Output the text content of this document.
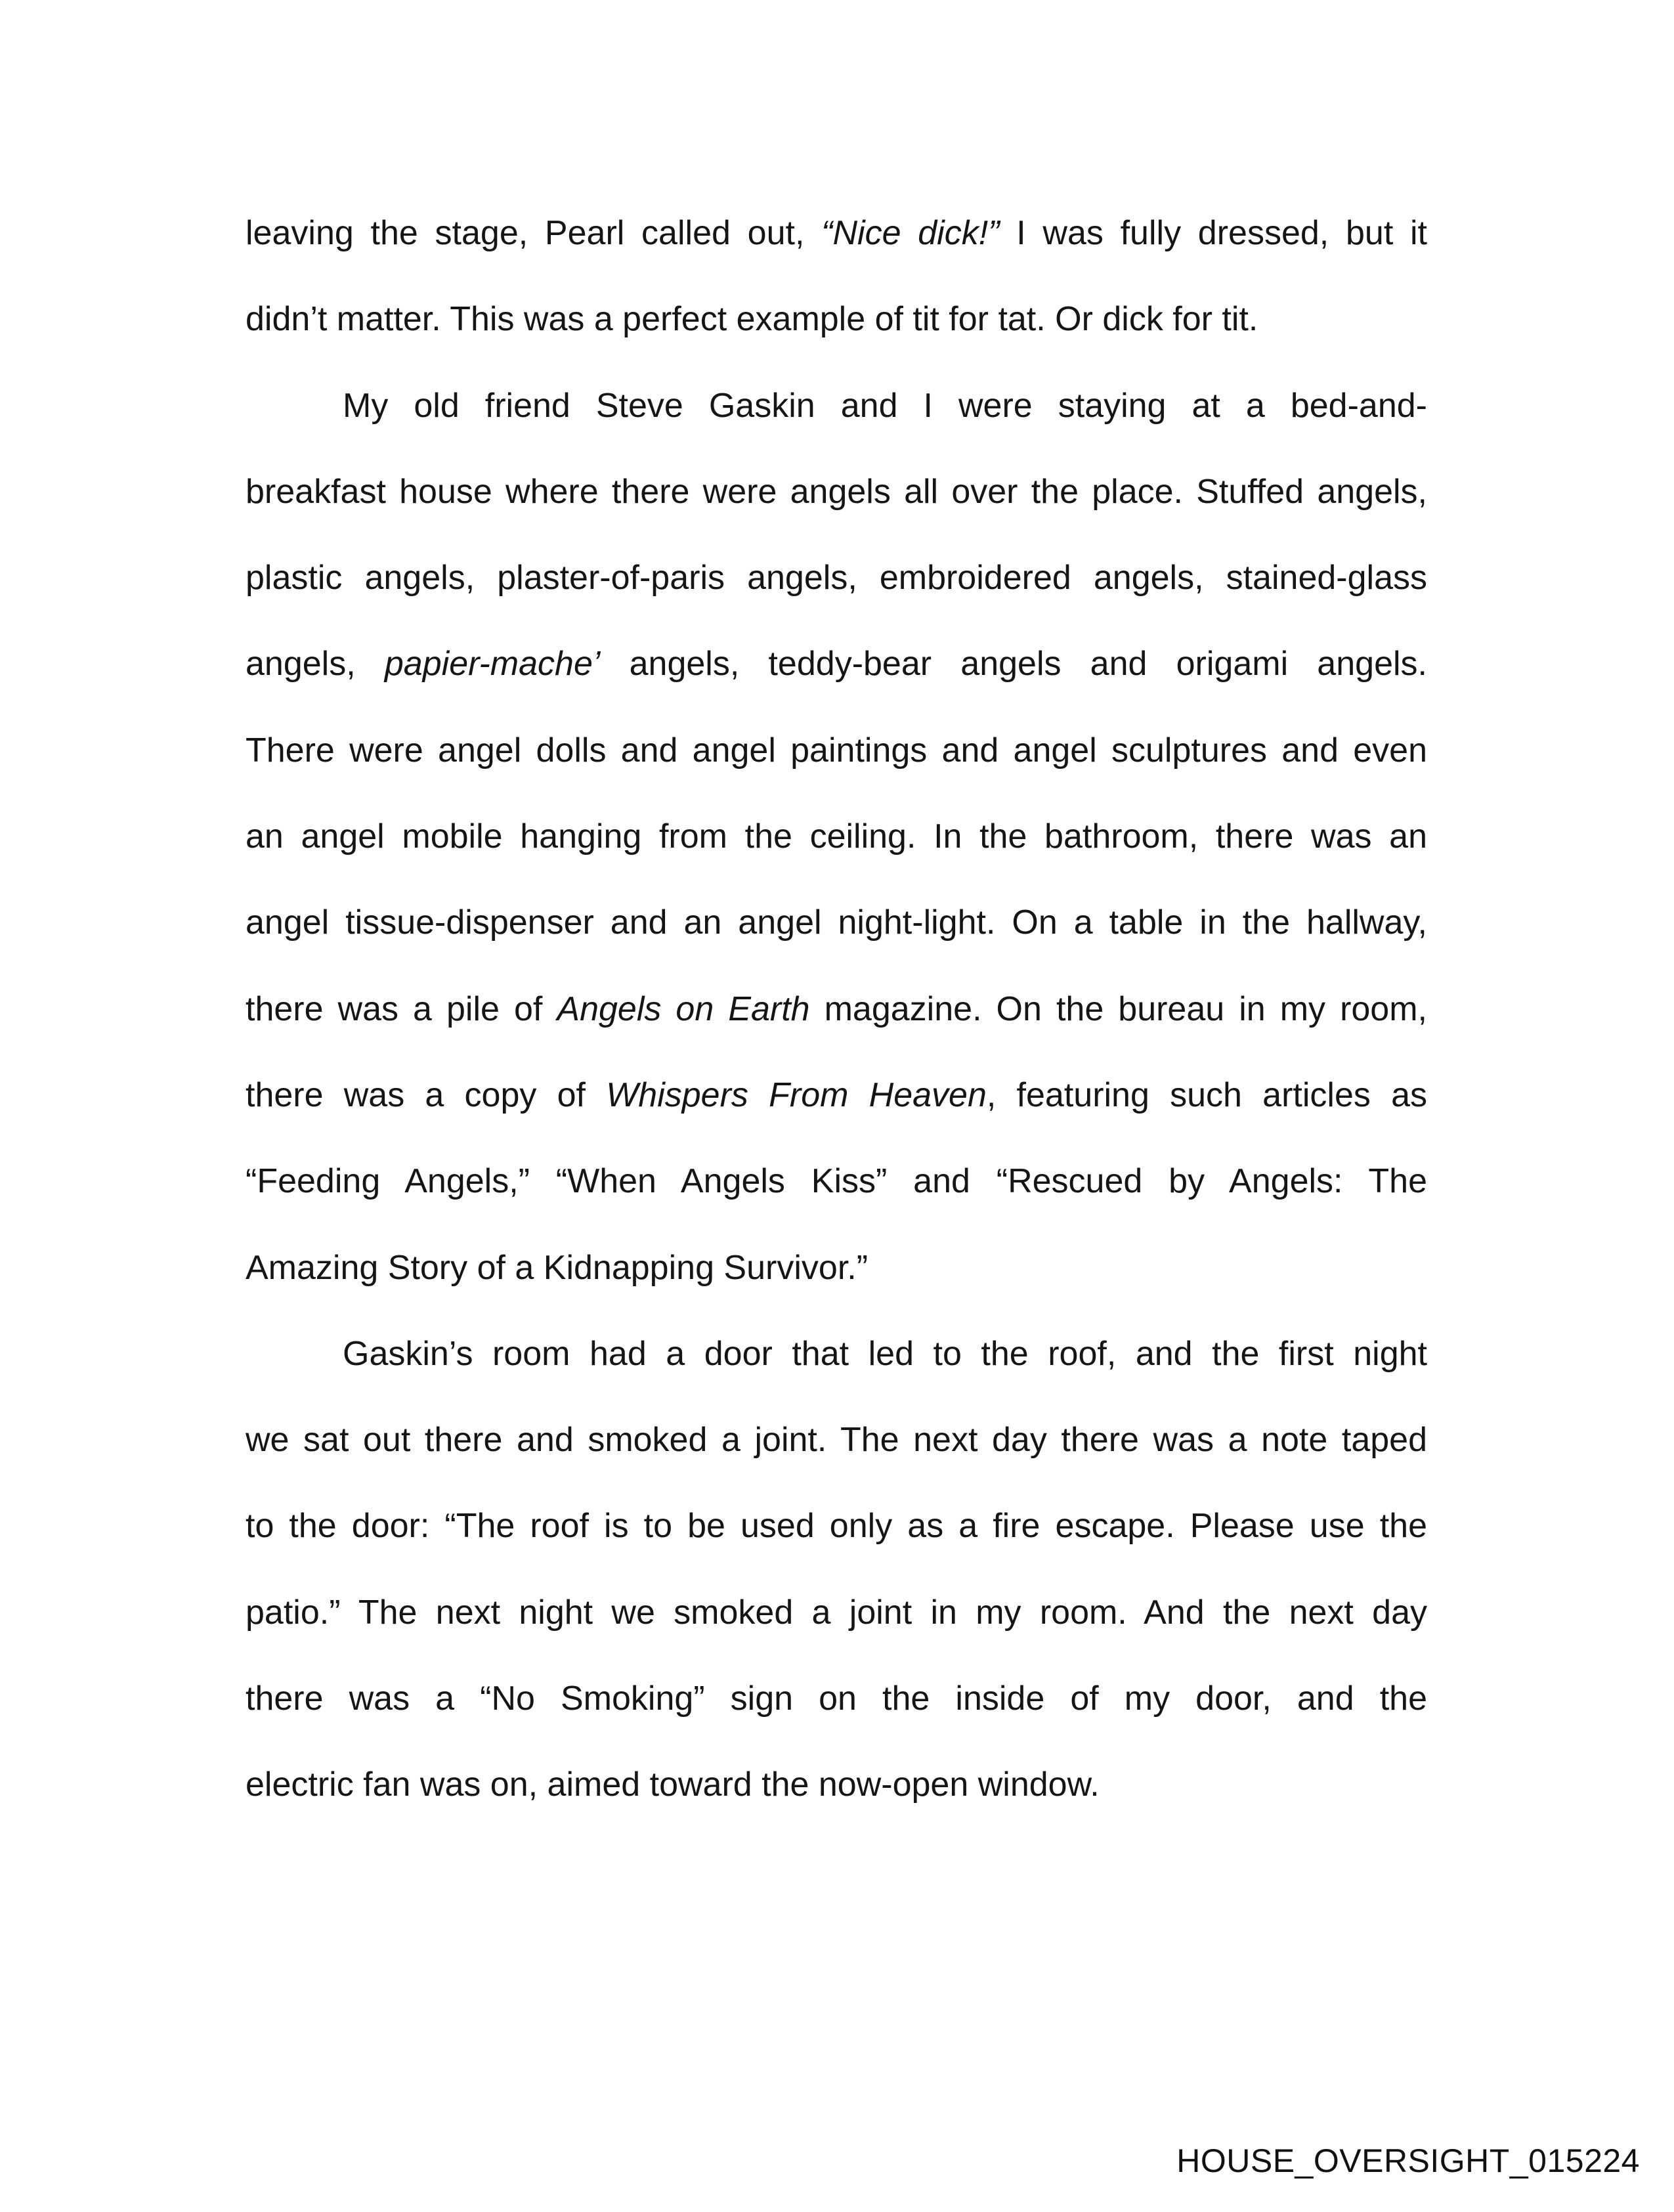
leaving the stage, Pearl called out, “Nice dick!” I was fully dressed, but it
didn’t matter. This was a perfect example of tit for tat. Or dick for tit.
My old friend Steve Gaskin and I were staying at a bed-and-
breakfast house where there were angels all over the place. Stuffed angels,
plastic angels, plaster-of-paris angels, embroidered angels, stained-glass
angels, papier-mache’ angels, teddy-bear angels and origami angels.
There were angel dolls and angel paintings and angel sculptures and even
an angel mobile hanging from the ceiling. In the bathroom, there was an
angel tissue-dispenser and an angel night-light. On a table in the hallway,
there was a pile of Angels on Earth magazine. On the bureau in my room,
there was a copy of Whispers From Heaven, featuring such articles as
“Feeding Angels,” “When Angels Kiss” and “Rescued by Angels: The
Amazing Story of a Kidnapping Survivor.”
Gaskin’s room had a door that led to the roof, and the first night
we sat out there and smoked a joint. The next day there was a note taped
to the door: “The roof is to be used only as a fire escape. Please use the
patio.” The next night we smoked a joint in my room. And the next day
there was a “No Smoking” sign on the inside of my door, and the
electric fan was on, aimed toward the now-open window.
HOUSE_OVERSIGHT_015224
